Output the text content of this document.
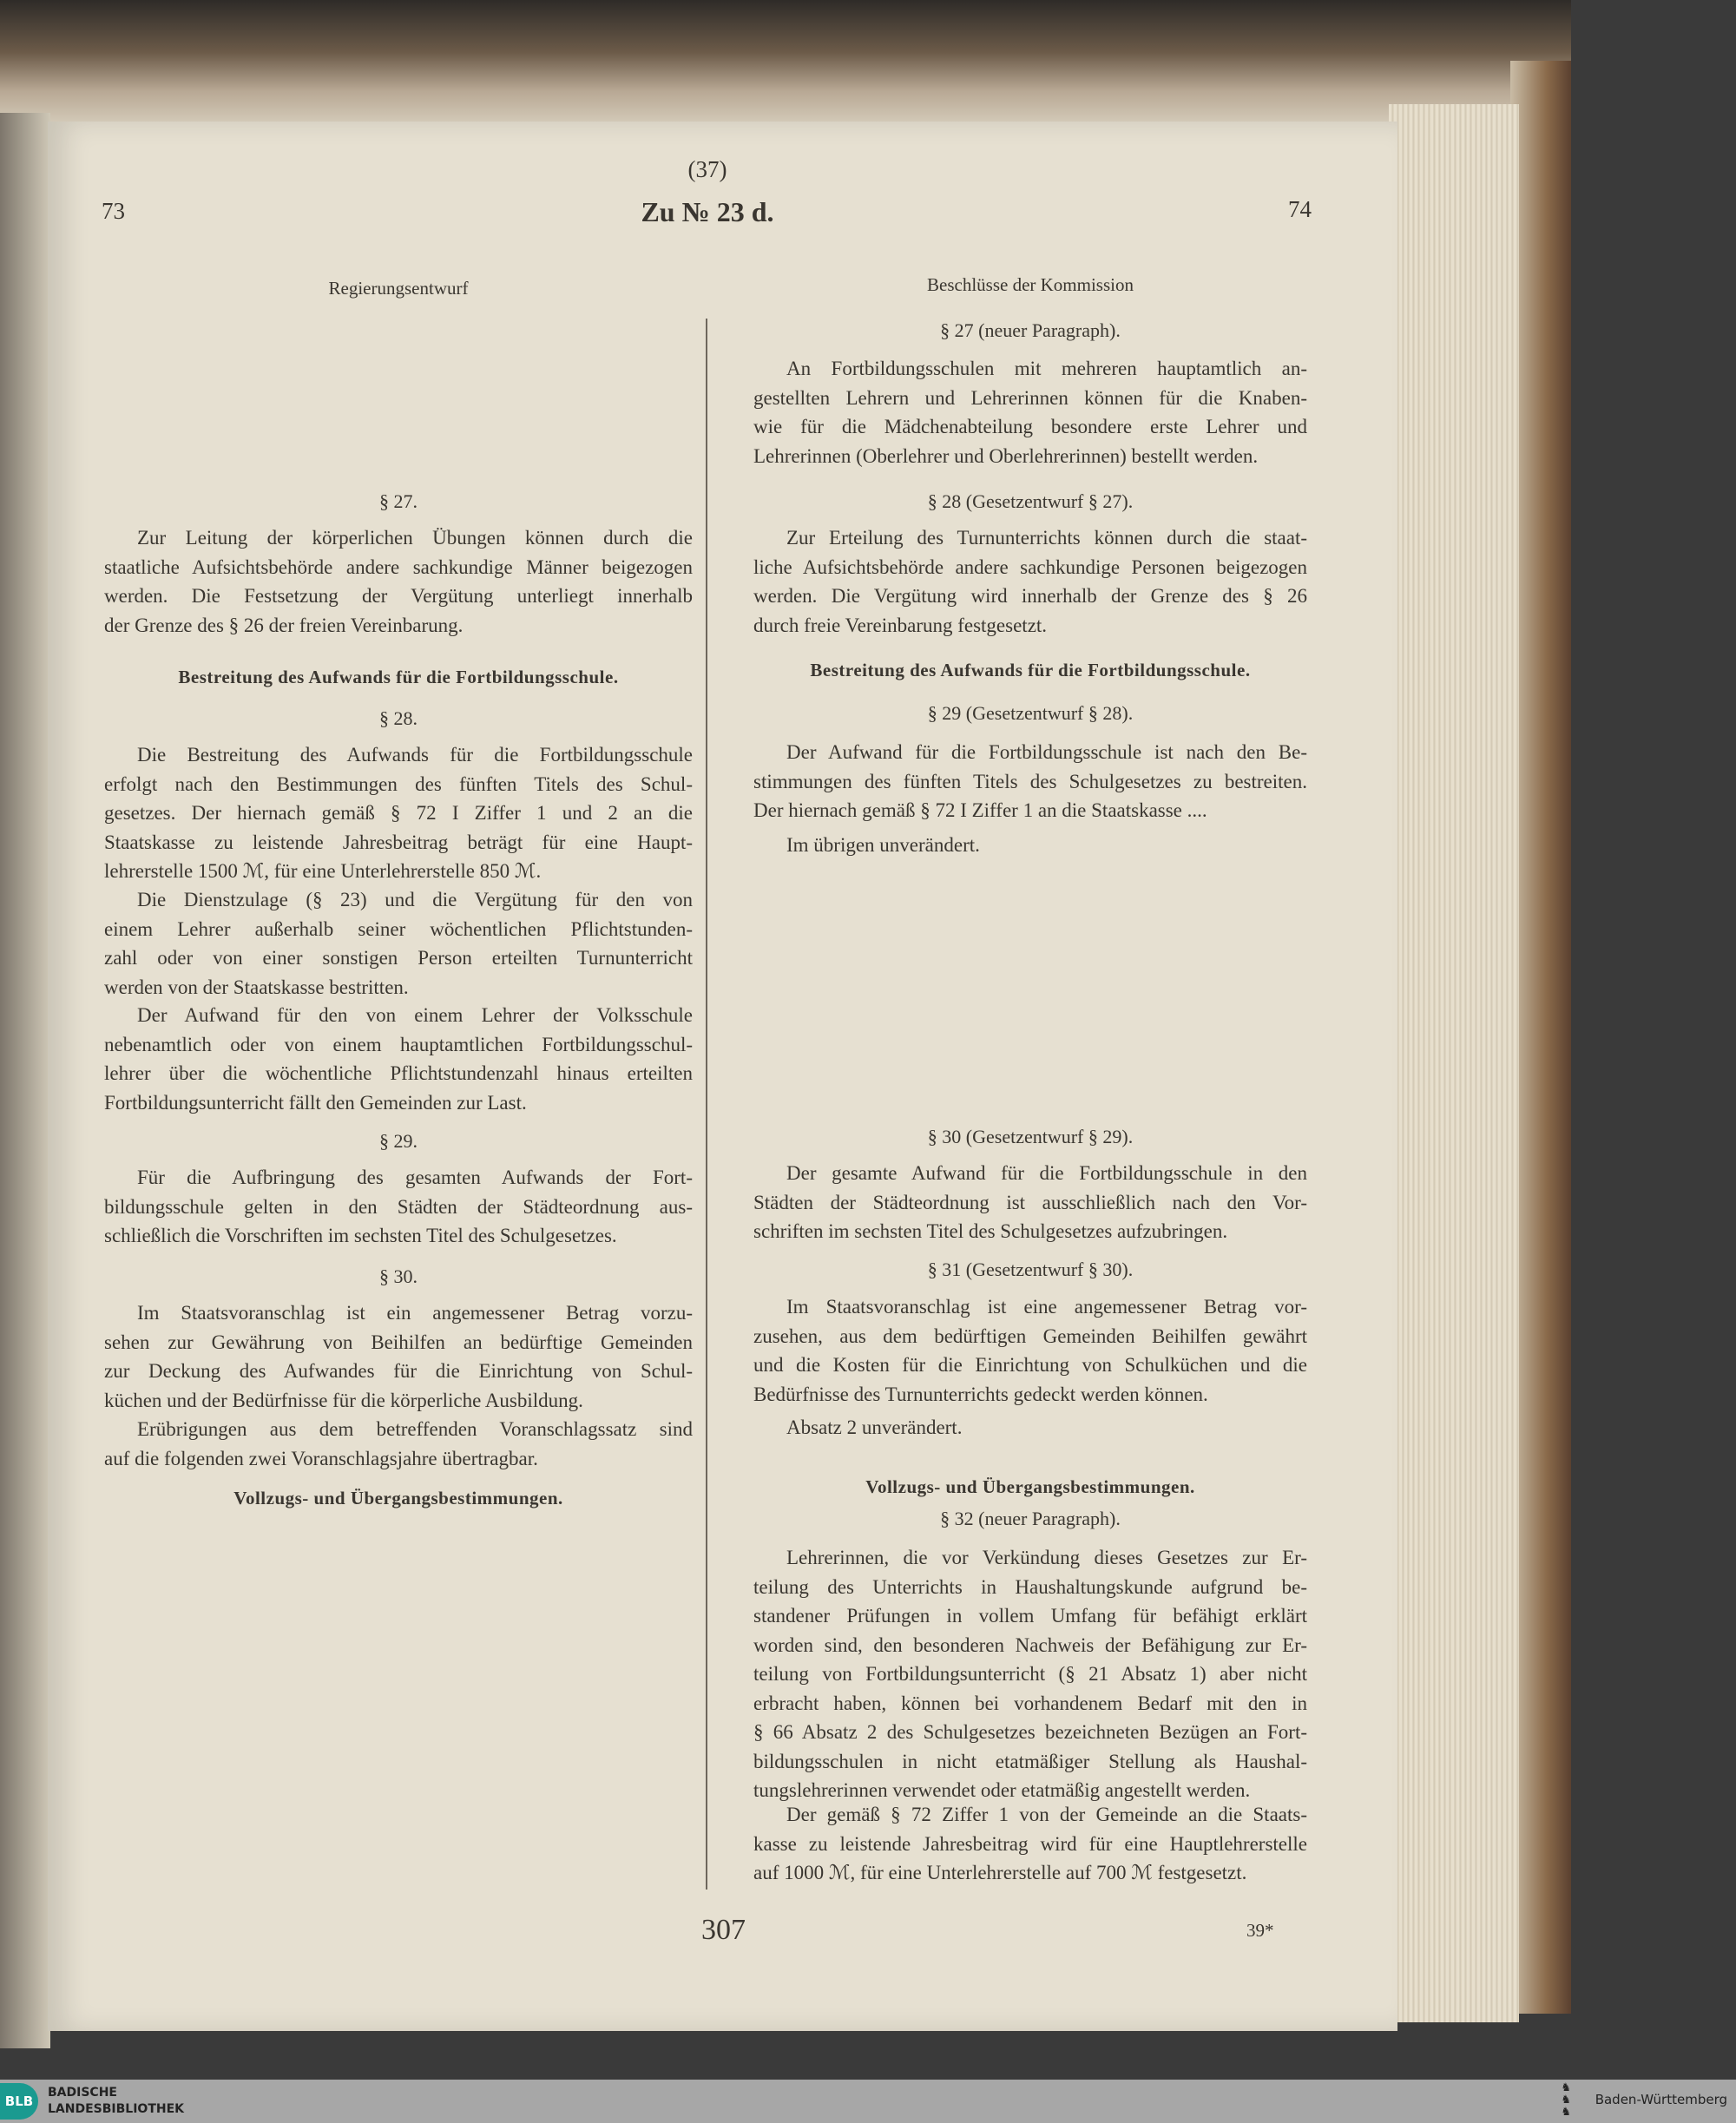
(37)
73	74
Zu № 23 d.
Regierungsentwurf
§ 27.
Zur Leitung der körperlichen Übungen können durch die
staatliche Aufsichtsbehörde andere sachkundige Männer beigezogen
werden. Die Festsetzung der Vergütung unterliegt innerhalb
der Grenze des § 26 der freien Vereinbarung.
Bestreitung des Aufwands für die Fortbildungsschule.
§ 28.
Die Bestreitung des Aufwands für die Fortbildungsschule
erfolgt nach den Bestimmungen des fünften Titels des Schul-
gesetzes. Der hiernach gemäß § 72 I Ziffer 1 und 2 an die
Staatskasse zu leistende Jahresbeitrag beträgt für eine Haupt-
lehrerstelle 1500 ℳ, für eine Unterlehrerstelle 850 ℳ.
Die Dienstzulage (§ 23) und die Vergütung für den von
einem Lehrer außerhalb seiner wöchentlichen Pflichtstunden-
zahl oder von einer sonstigen Person erteilten Turnunterricht
werden von der Staatskasse bestritten.
Der Aufwand für den von einem Lehrer der Volksschule
nebenamtlich oder von einem hauptamtlichen Fortbildungsschul-
lehrer über die wöchentliche Pflichtstundenzahl hinaus erteilten
Fortbildungsunterricht fällt den Gemeinden zur Last.
§ 29.
Für die Aufbringung des gesamten Aufwands der Fort-
bildungsschule gelten in den Städten der Städteordnung aus-
schließlich die Vorschriften im sechsten Titel des Schulgesetzes.
§ 30.
Im Staatsvoranschlag ist ein angemessener Betrag vorzu-
sehen zur Gewährung von Beihilfen an bedürftige Gemeinden
zur Deckung des Aufwandes für die Einrichtung von Schul-
küchen und der Bedürfnisse für die körperliche Ausbildung.
Erübrigungen aus dem betreffenden Voranschlagssatz sind
auf die folgenden zwei Voranschlagsjahre übertragbar.
Vollzugs- und Übergangsbestimmungen.
Beschlüsse der Kommission
§ 27 (neuer Paragraph).
An Fortbildungsschulen mit mehreren hauptamtlich an-
gestellten Lehrern und Lehrerinnen können für die Knaben-
wie für die Mädchenabteilung besondere erste Lehrer und
Lehrerinnen (Oberlehrer und Oberlehrerinnen) bestellt werden.
§ 28 (Gesetzentwurf § 27).
Zur Erteilung des Turnunterrichts können durch die staat-
liche Aufsichtsbehörde andere sachkundige Personen beigezogen
werden. Die Vergütung wird innerhalb der Grenze des § 26
durch freie Vereinbarung festgesetzt.
Bestreitung des Aufwands für die Fortbildungsschule.
§ 29 (Gesetzentwurf § 28).
Der Aufwand für die Fortbildungsschule ist nach den Be-
stimmungen des fünften Titels des Schulgesetzes zu bestreiten.
Der hiernach gemäß § 72 I Ziffer 1 an die Staatskasse ....
Im übrigen unverändert.
§ 30 (Gesetzentwurf § 29).
Der gesamte Aufwand für die Fortbildungsschule in den
Städten der Städteordnung ist ausschließlich nach den Vor-
schriften im sechsten Titel des Schulgesetzes aufzubringen.
§ 31 (Gesetzentwurf § 30).
Im Staatsvoranschlag ist eine angemessener Betrag vor-
zusehen, aus dem bedürftigen Gemeinden Beihilfen gewährt
und die Kosten für die Einrichtung von Schulküchen und die
Bedürfnisse des Turnunterrichts gedeckt werden können.
Absatz 2 unverändert.
Vollzugs- und Übergangsbestimmungen.
§ 32 (neuer Paragraph).
Lehrerinnen, die vor Verkündung dieses Gesetzes zur Er-
teilung des Unterrichts in Haushaltungskunde aufgrund be-
standener Prüfungen in vollem Umfang für befähigt erklärt
worden sind, den besonderen Nachweis der Befähigung zur Er-
teilung von Fortbildungsunterricht (§ 21 Absatz 1) aber nicht
erbracht haben, können bei vorhandenem Bedarf mit den in
§ 66 Absatz 2 des Schulgesetzes bezeichneten Bezügen an Fort-
bildungsschulen in nicht etatmäßiger Stellung als Haushal-
tungslehrerinnen verwendet oder etatmäßig angestellt werden.
Der gemäß § 72 Ziffer 1 von der Gemeinde an die Staats-
kasse zu leistende Jahresbeitrag wird für eine Hauptlehrerstelle
auf 1000 ℳ, für eine Unterlehrerstelle auf 700 ℳ festgesetzt.
307	39*
BLB
BADISCHE
LANDESBIBLIOTHEK
♞
♞
♞
Baden-Württemberg
